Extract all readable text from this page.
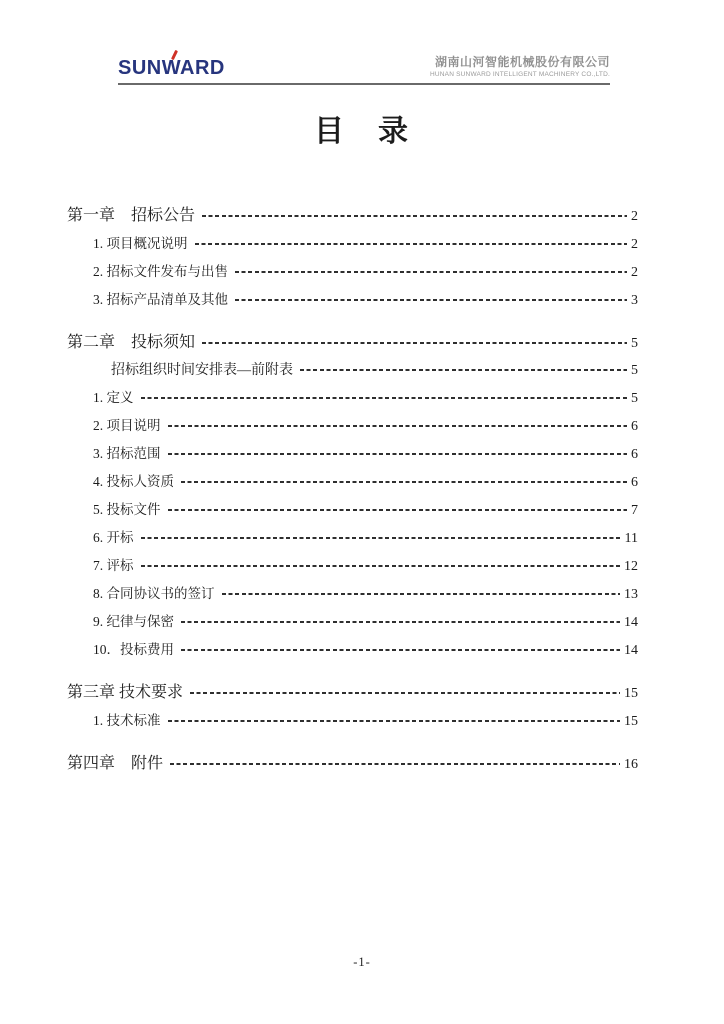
SUNWARD	湖南山河智能机械股份有限公司
HUNAN SUNWARD INTELLIGENT MACHINERY CO.,LTD.
目　录
第一章　招标公告	2
1. 项目概况说明	2
2. 招标文件发布与出售	2
3. 招标产品清单及其他	3
第二章　投标须知	5
招标组织时间安排表—前附表	5
1. 定义	5
2. 项目说明	6
3. 招标范围	6
4. 投标人资质	6
5. 投标文件	7
6. 开标	11
7. 评标	12
8. 合同协议书的签订	13
9. 纪律与保密	14
10．投标费用	14
第三章 技术要求	15
1. 技术标准	15
第四章　附件	16
-1-
